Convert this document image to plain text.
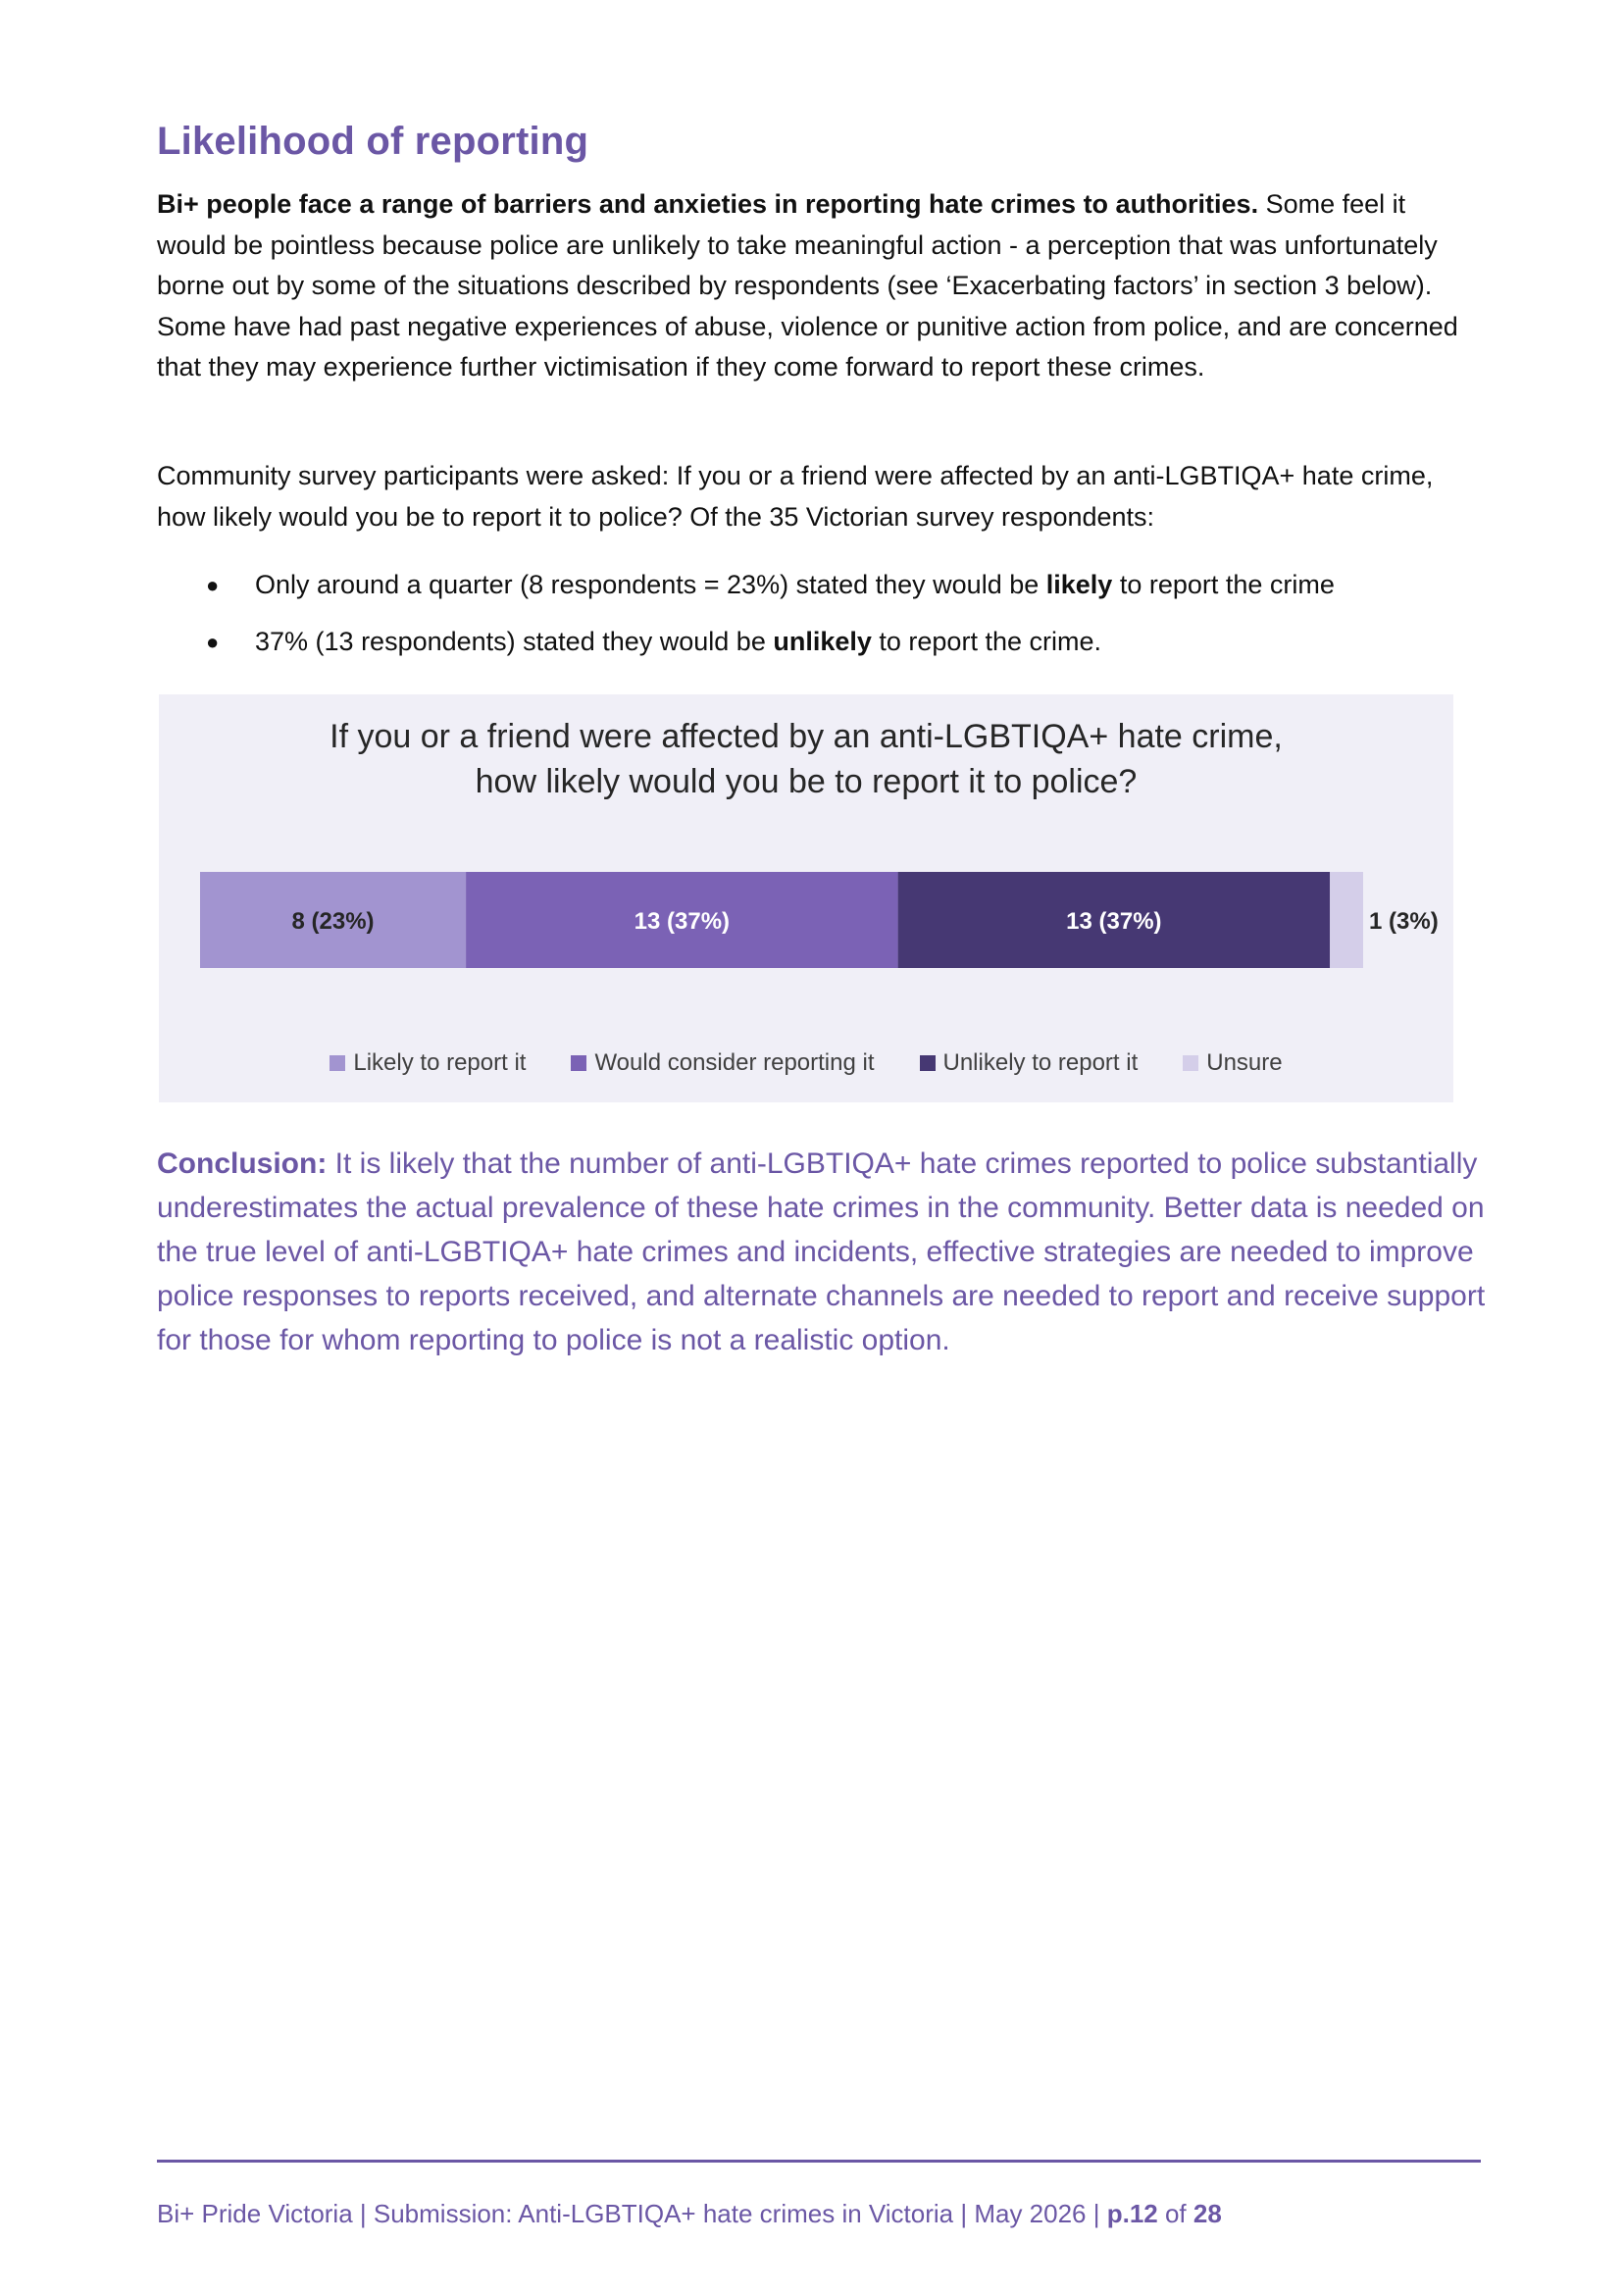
Likelihood of reporting

Bi+ people face a range of barriers and anxieties in reporting hate crimes to authorities. Some feel it would be pointless because police are unlikely to take meaningful action - a perception that was unfortunately borne out by some of the situations described by respondents (see ‘Exacerbating factors’ in section 3 below). Some have had past negative experiences of abuse, violence or punitive action from police, and are concerned that they may experience further victimisation if they come forward to report these crimes.

Community survey participants were asked: If you or a friend were affected by an anti-LGBTIQA+ hate crime, how likely would you be to report it to police? Of the 35 Victorian survey respondents:

● Only around a quarter (8 respondents = 23%) stated they would be likely to report the crime
● 37% (13 respondents) stated they would be unlikely to report the crime.
8 (23%)	13 (37%)	13 (37%)	1 (3%)

If you or a friend were affected by an anti-LGBTIQA+ hate crime,
how likely would you be to report it to police?

Likely to report it	Would consider reporting it	Unlikely to report it	Unsure

Conclusion: It is likely that the number of anti-LGBTIQA+ hate crimes reported to police substantially underestimates the actual prevalence of these hate crimes in the community. Better data is needed on the true level of anti-LGBTIQA+ hate crimes and incidents, effective strategies are needed to improve police responses to reports received, and alternate channels are needed to report and receive support for those for whom reporting to police is not a realistic option.

Bi+ Pride Victoria | Submission: Anti-LGBTIQA+ hate crimes in Victoria | May 2026 | p.12 of 28
